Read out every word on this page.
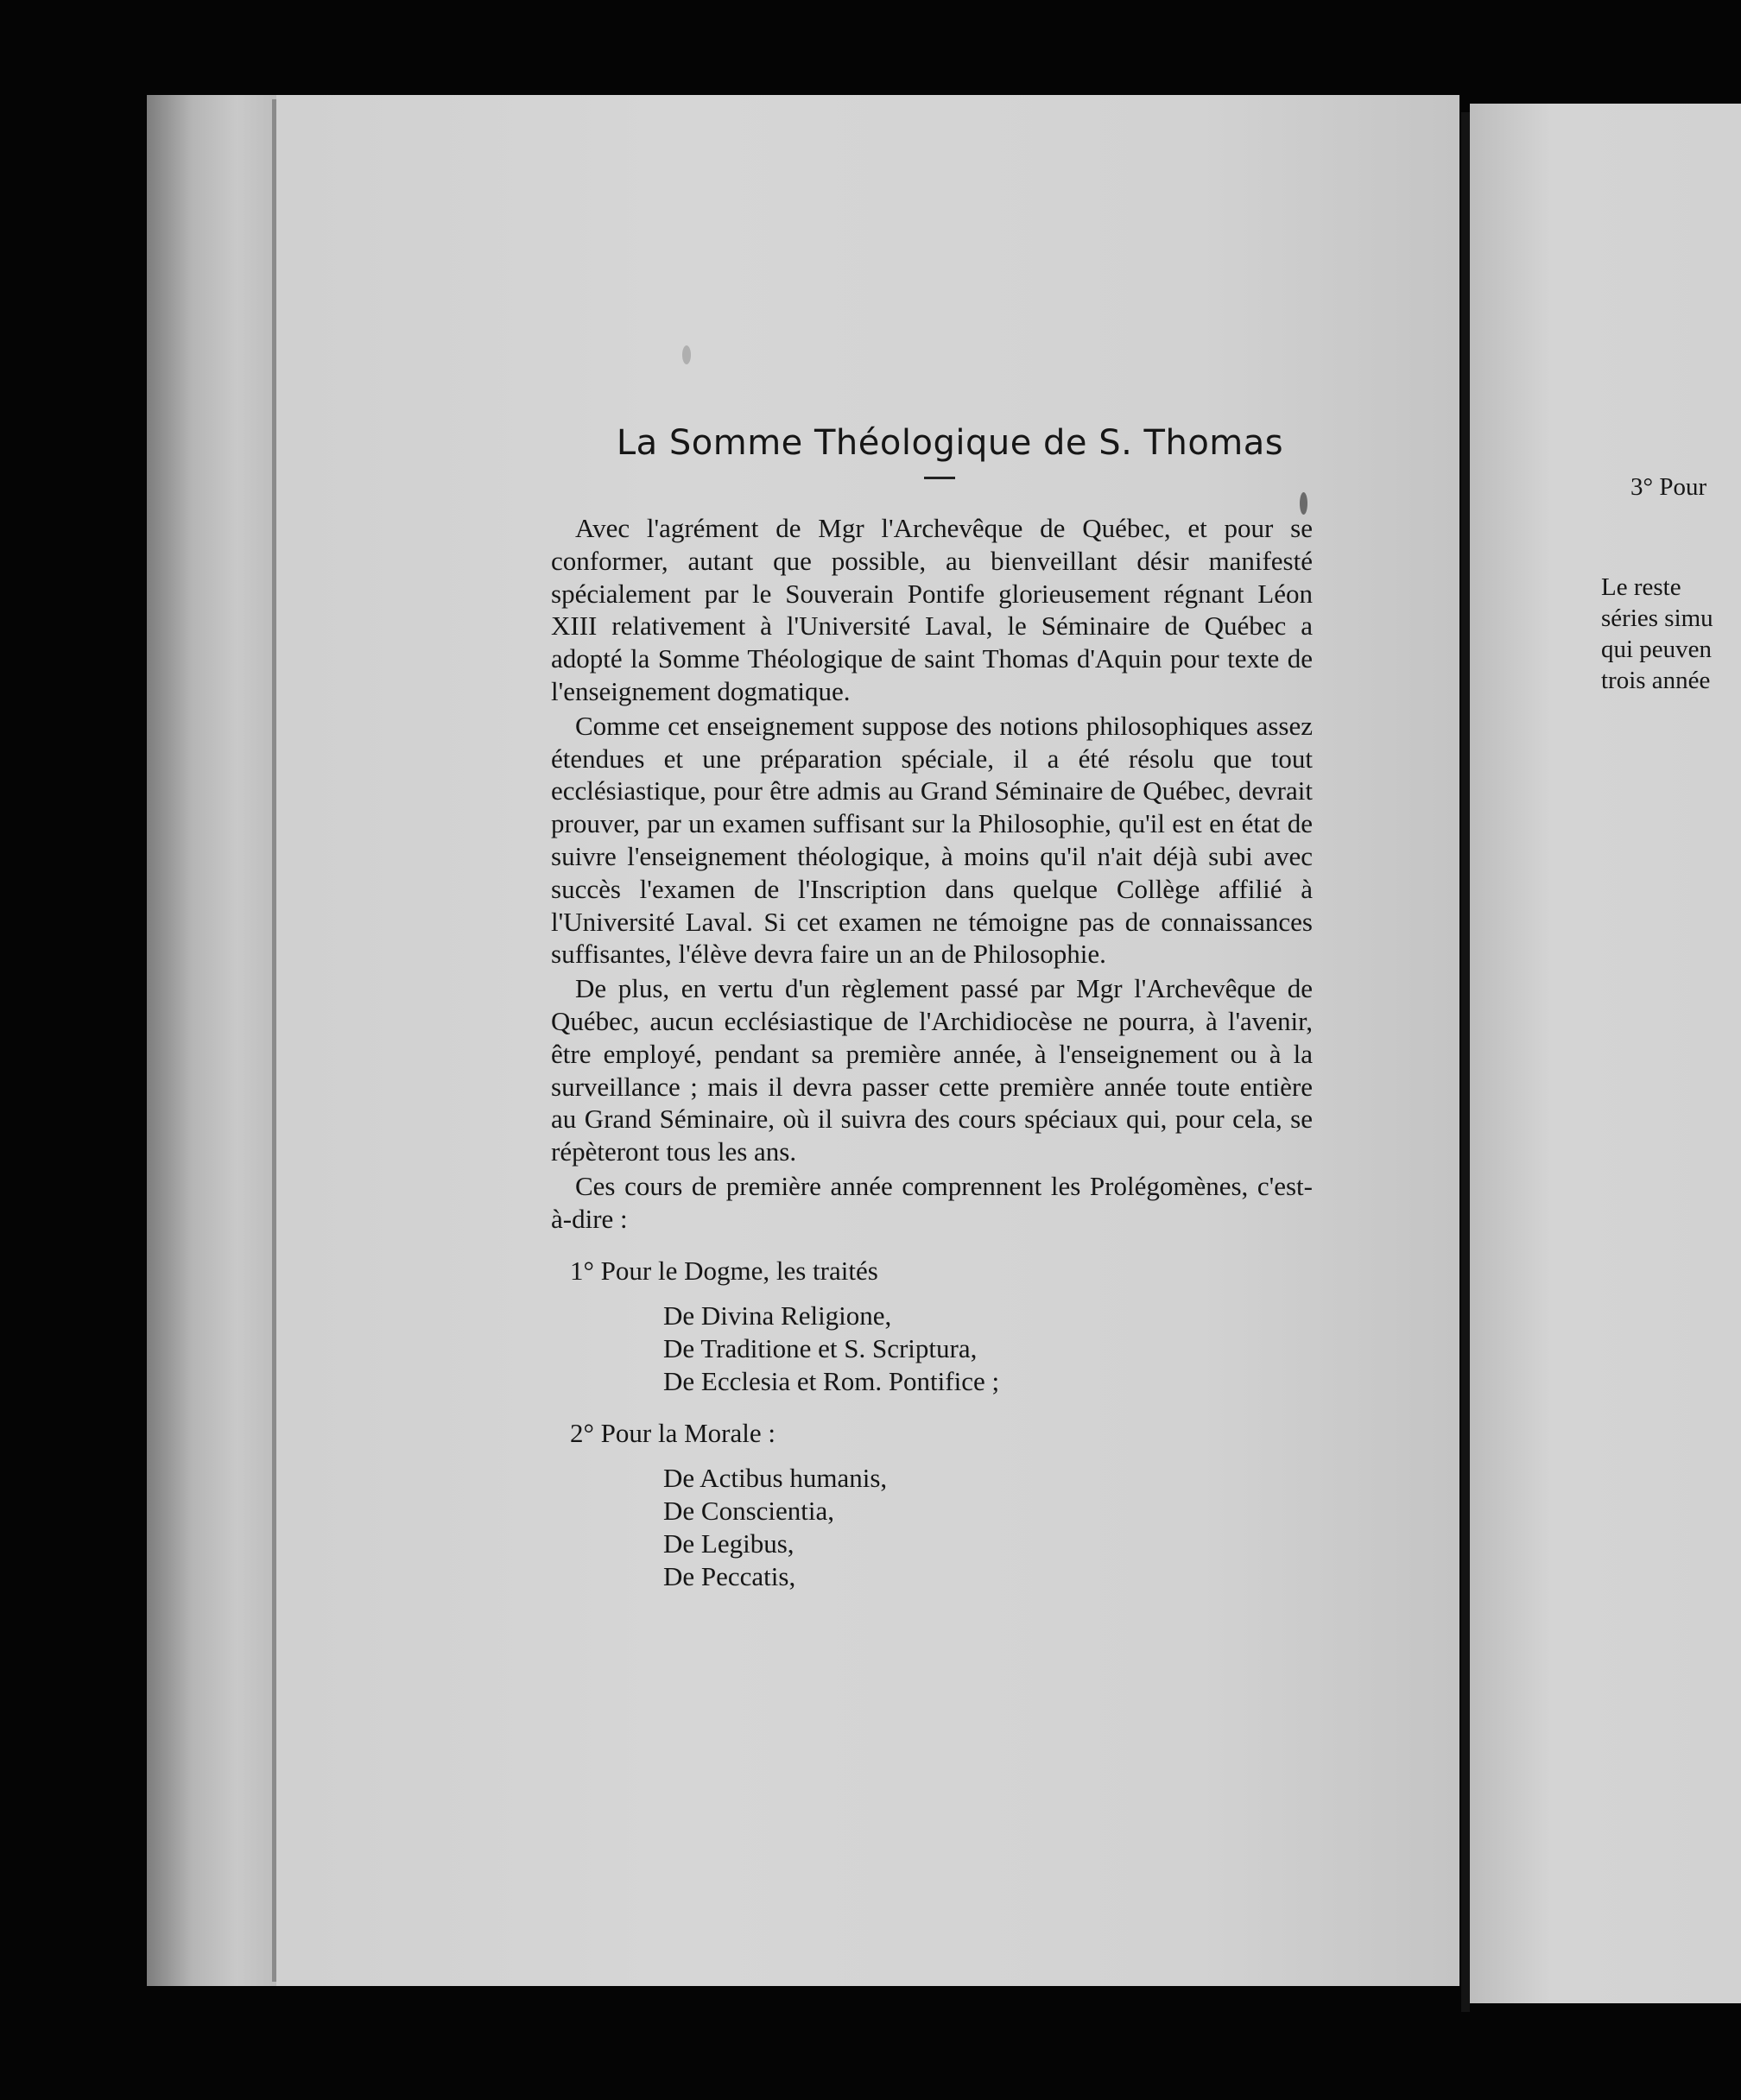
La Somme Théologique de S. Thomas

Avec l'agrément de Mgr l'Archevêque de Québec, et pour se conformer, autant que possible, au bienveillant désir manifesté spécialement par le Souverain Pontife glorieusement régnant Léon XIII relativement à l'Université Laval, le Séminaire de Québec a adopté la Somme Théologique de saint Thomas d'Aquin pour texte de l'enseignement dogmatique.

Comme cet enseignement suppose des notions philosophiques assez étendues et une préparation spéciale, il a été résolu que tout ecclésiastique, pour être admis au Grand Séminaire de Québec, devrait prouver, par un examen suffisant sur la Philosophie, qu'il est en état de suivre l'enseignement théologique, à moins qu'il n'ait déjà subi avec succès l'examen de l'Inscription dans quelque Collège affilié à l'Université Laval. Si cet examen ne témoigne pas de connaissances suffisantes, l'élève devra faire un an de Philosophie.

De plus, en vertu d'un règlement passé par Mgr l'Archevêque de Québec, aucun ecclésiastique de l'Archidiocèse ne pourra, à l'avenir, être employé, pendant sa première année, à l'enseignement ou à la surveillance ; mais il devra passer cette première année toute entière au Grand Séminaire, où il suivra des cours spéciaux qui, pour cela, se répèteront tous les ans.

Ces cours de première année comprennent les Prolégomènes, c'est-à-dire :

1° Pour le Dogme, les traités
De Divina Religione,
De Traditione et S. Scriptura,
De Ecclesia et Rom. Pontifice ;
2° Pour la Morale :
De Actibus humanis,
De Conscientia,
De Legibus,
De Peccatis,
3° Pour
Le reste
séries simu
qui peuven
trois année
